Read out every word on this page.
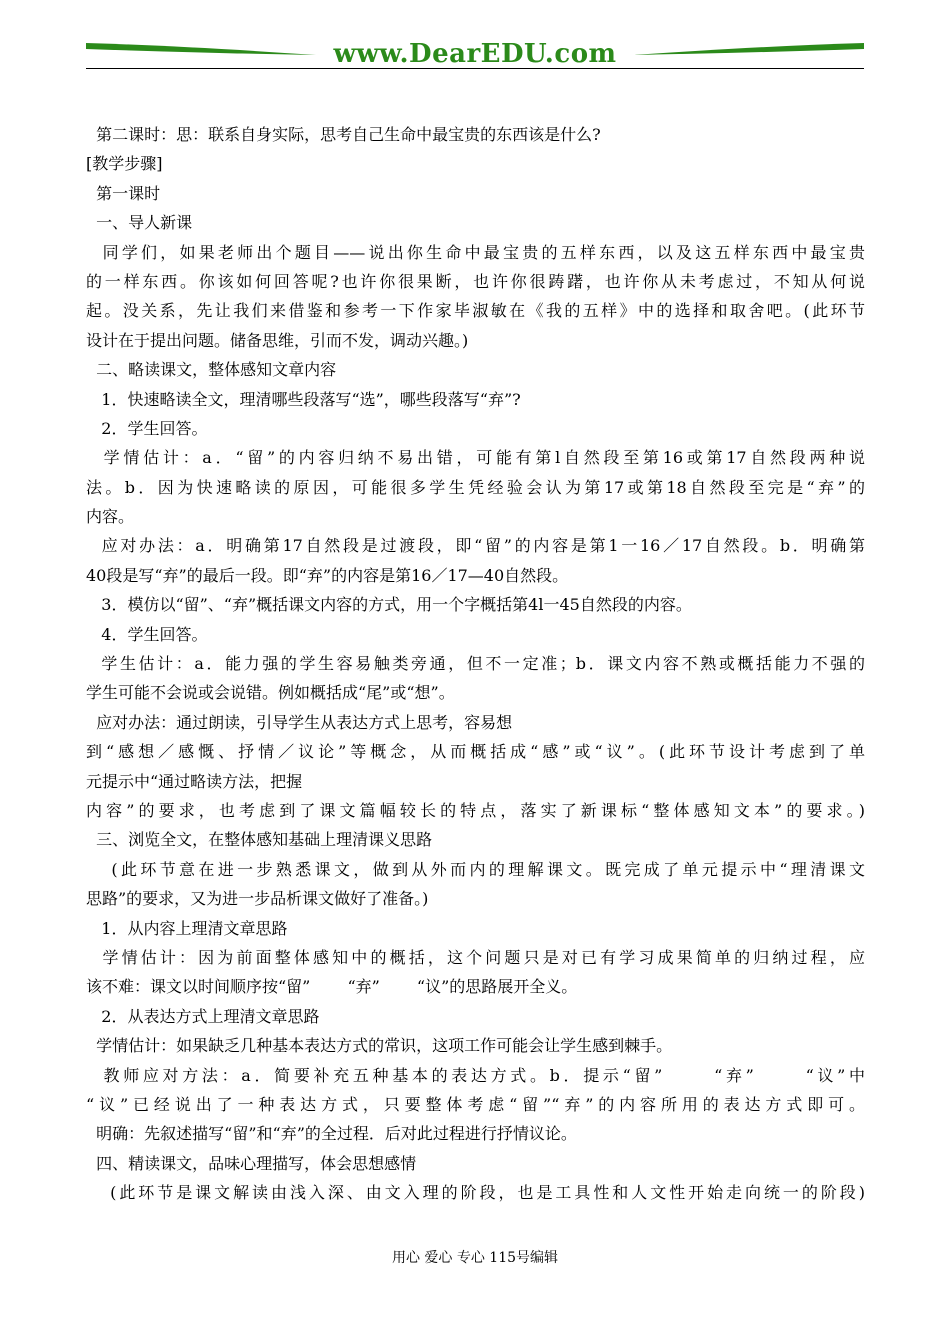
www.DearEDU.com
第二课时：思：联系自身实际，思考自己生命中最宝贵的东西该是什么?
[教学步骤]
第一课时
一、导人新课
同学们，如果老师出个题目——说出你生命中最宝贵的五样东西，以及这五样东西中最宝贵
的一样东西。你该如何回答呢?也许你很果断，也许你很踌躇，也许你从未考虑过，不知从何说
起。没关系，先让我们来借鉴和参考一下作家毕淑敏在《我的五样》中的选择和取舍吧。(此环节
设计在于提出问题。储备思维，引而不发，调动兴趣。)
二、略读课文，整体感知文章内容
1．快速略读全文，理清哪些段落写“选”，哪些段落写“弃”?
2．学生回答。
学情估计：a．“留”的内容归纳不易出错，可能有第l自然段至第16或第17自然段两种说
法。b．因为快速略读的原因，可能很多学生凭经验会认为第17或第18自然段至完是“弃”的
内容。
应对办法：a．明确第17自然段是过渡段，即“留”的内容是第1一16／17自然段。b．明确第
40段是写“弃”的最后一段。即“弃”的内容是第16／17—40自然段。
3．模仿以“留”、“弃”概括课文内容的方式，用一个字概括第4l一45自然段的内容。
4．学生回答。
学生估计：a．能力强的学生容易触类旁通，但不一定准；b．课文内容不熟或概括能力不强的
学生可能不会说或会说错。例如概括成“尾”或“想”。
应对办法：通过朗读，引导学生从表达方式上思考，容易想
到“感想／感慨、抒情／议论”等概念，从而概括成“感”或“议”。(此环节设计考虑到了单
元提示中“通过略读方法，把握
内容”的要求，也考虑到了课文篇幅较长的特点，落实了新课标“整体感知文本”的要求。)
三、浏览全文，在整体感知基础上理清课义思路
(此环节意在进一步熟悉课文，做到从外而内的理解课文。既完成了单元提示中“理清课文
思路”的要求，又为进一步品析课文做好了准备。)
1．从内容上理清文章思路
学情估计：因为前面整体感知中的概括，这个问题只是对已有学习成果简单的归纳过程，应
该不难：课文以时间顺序按“留”　　 “弃”　　 “议”的思路展开全义。
2．从表达方式上理清文章思路
学情估计：如果缺乏几种基本表达方式的常识，这项工作可能会让学生感到棘手。
教师应对方法：a．简要补充五种基本的表达方式。b．提示“留”　　 “弃”　　 “议”中
“议”已经说出了一种表达方式，只要整体考虑“留”“弃”的内容所用的表达方式即可。
明确：先叙述描写“留”和“弃”的全过程．后对此过程进行抒情议论。
四、精读课文，品味心理描写，体会思想感情
(此环节是课文解读由浅入深、由文入理的阶段，也是工具性和人文性开始走向统一的阶段)
用心 爱心 专心 115号编辑
